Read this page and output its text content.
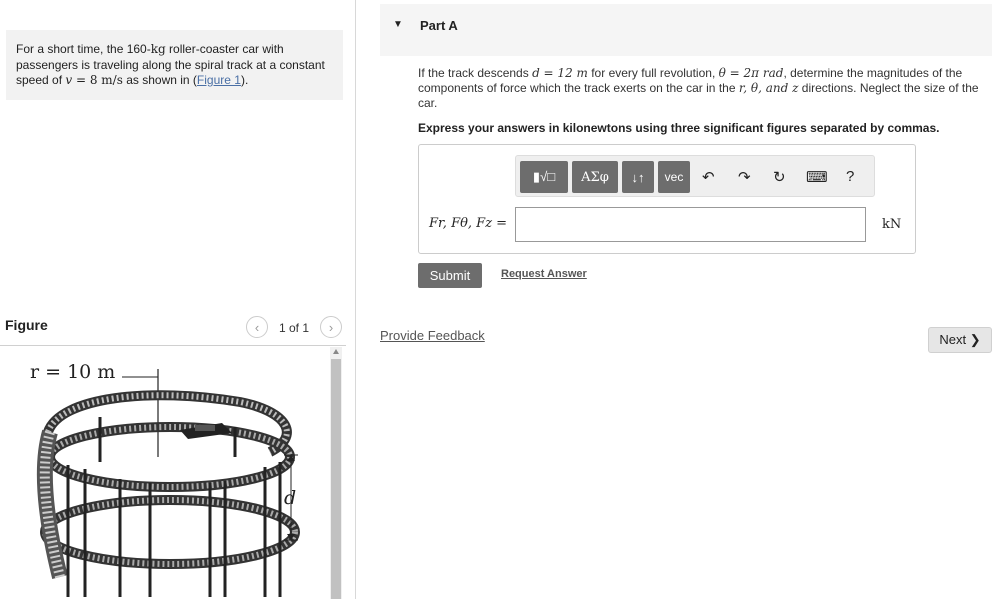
For a short time, the 160-kg roller-coaster car with passengers is traveling along the spiral track at a constant speed of v = 8 m/s as shown in (Figure 1).
Figure	‹ 1 of 1 ›
r = 10 m
d
▼ Part A
If the track descends d = 12 m for every full revolution, θ = 2π rad, determine the magnitudes of the components of force which the track exerts on the car in the r, θ, and z directions. Neglect the size of the car.
Express your answers in kilonewtons using three significant figures separated by commas.
▮√□	ΑΣφ	↓↑	vec	↶ ↷ ↻ ⌨ ?
Fr, Fθ, Fz =	kN
Submit	Request Answer
Provide Feedback	Next ❯
